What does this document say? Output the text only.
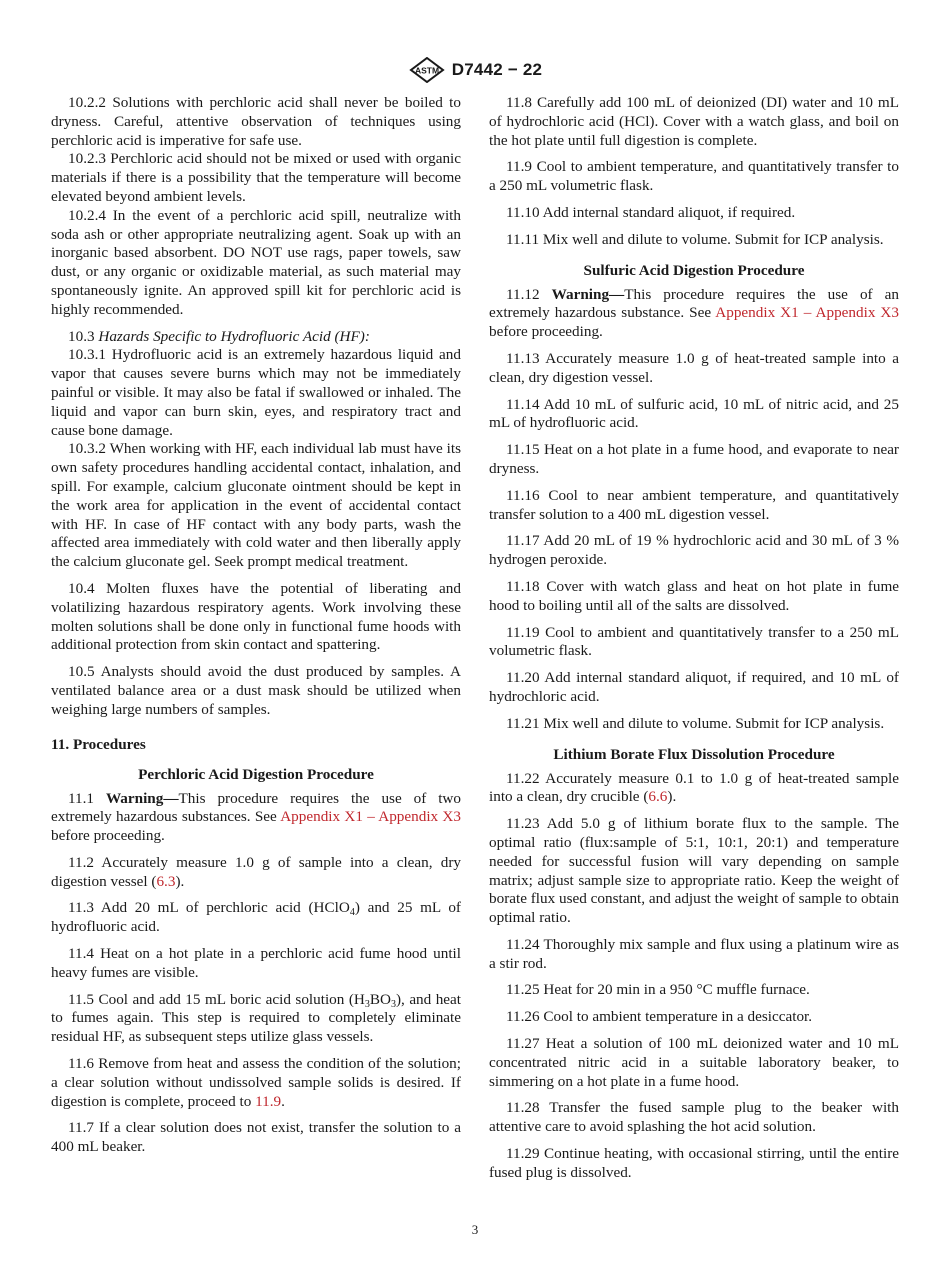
ASTM D7442 − 22

10.2.2 Solutions with perchloric acid shall never be boiled to dryness. Careful, attentive observation of techniques using perchloric acid is imperative for safe use.

10.2.3 Perchloric acid should not be mixed or used with organic materials if there is a possibility that the temperature will become elevated beyond ambient levels.

10.2.4 In the event of a perchloric acid spill, neutralize with soda ash or other appropriate neutralizing agent. Soak up with an inorganic based absorbent. DO NOT use rags, paper towels, saw dust, or any organic or oxidizable material, as such material may spontaneously ignite. An approved spill kit for perchloric acid is highly recommended.

10.3 Hazards Specific to Hydrofluoric Acid (HF):

10.3.1 Hydrofluoric acid is an extremely hazardous liquid and vapor that causes severe burns which may not be immediately painful or visible. It may also be fatal if swallowed or inhaled. The liquid and vapor can burn skin, eyes, and respiratory tract and cause bone damage.

10.3.2 When working with HF, each individual lab must have its own safety procedures handling accidental contact, inhalation, and spill. For example, calcium gluconate ointment should be kept in the work area for application in the event of accidental contact with HF. In case of HF contact with any body parts, wash the affected area immediately with cold water and then liberally apply the calcium gluconate gel. Seek prompt medical treatment.

10.4 Molten fluxes have the potential of liberating and volatilizing hazardous respiratory agents. Work involving these molten solutions shall be done only in functional fume hoods with additional protection from skin contact and spattering.

10.5 Analysts should avoid the dust produced by samples. A ventilated balance area or a dust mask should be utilized when weighing large numbers of samples.

11. Procedures
Perchloric Acid Digestion Procedure

11.1 Warning—This procedure requires the use of two extremely hazardous substances. See Appendix X1 – Appendix X3 before proceeding.

11.2 Accurately measure 1.0 g of sample into a clean, dry digestion vessel (6.3).

11.3 Add 20 mL of perchloric acid (HClO$_4$) and 25 mL of hydrofluoric acid.

11.4 Heat on a hot plate in a perchloric acid fume hood until heavy fumes are visible.

11.5 Cool and add 15 mL boric acid solution $(H_3BO_3)$, and heat to fumes again. This step is required to completely eliminate residual HF, as subsequent steps utilize glass vessels.

11.6 Remove from heat and assess the condition of the solution; a clear solution without undissolved sample solids is desired. If digestion is complete, proceed to 11.9.

11.7 If a clear solution does not exist, transfer the solution to a 400 mL beaker.

11.8 Carefully add 100 mL of deionized (DI) water and 10 mL of hydrochloric acid (HCl). Cover with a watch glass, and boil on the hot plate until full digestion is complete.

11.9 Cool to ambient temperature, and quantitatively transfer to a 250 mL volumetric flask.

11.10 Add internal standard aliquot, if required.

11.11 Mix well and dilute to volume. Submit for ICP analysis.

Sulfuric Acid Digestion Procedure

11.12 Warning—This procedure requires the use of an extremely hazardous substance. See Appendix X1 – Appendix X3 before proceeding.

11.13 Accurately measure 1.0 g of heat-treated sample into a clean, dry digestion vessel.

11.14 Add 10 mL of sulfuric acid, 10 mL of nitric acid, and 25 mL of hydrofluoric acid.

11.15 Heat on a hot plate in a fume hood, and evaporate to near dryness.

11.16 Cool to near ambient temperature, and quantitatively transfer solution to a 400 mL digestion vessel.

11.17 Add 20 mL of 19 % hydrochloric acid and 30 mL of 3 % hydrogen peroxide.

11.18 Cover with watch glass and heat on hot plate in fume hood to boiling until all of the salts are dissolved.

11.19 Cool to ambient and quantitatively transfer to a 250 mL volumetric flask.

11.20 Add internal standard aliquot, if required, and 10 mL of hydrochloric acid.

11.21 Mix well and dilute to volume. Submit for ICP analysis.

Lithium Borate Flux Dissolution Procedure

11.22 Accurately measure 0.1 to 1.0 g of heat-treated sample into a clean, dry crucible (6.6).

11.23 Add 5.0 g of lithium borate flux to the sample. The optimal ratio (flux:sample of 5:1, 10:1, 20:1) and temperature needed for successful fusion will vary depending on sample matrix; adjust sample size to appropriate ratio. Keep the weight of borate flux used constant, and adjust the weight of sample to obtain optimal ratio.

11.24 Thoroughly mix sample and flux using a platinum wire as a stir rod.

11.25 Heat for 20 min in a 950 °C muffle furnace.

11.26 Cool to ambient temperature in a desiccator.

11.27 Heat a solution of 100 mL deionized water and 10 mL concentrated nitric acid in a suitable laboratory beaker, to simmering on a hot plate in a fume hood.

11.28 Transfer the fused sample plug to the beaker with attentive care to avoid splashing the hot acid solution.

11.29 Continue heating, with occasional stirring, until the entire fused plug is dissolved.

3
